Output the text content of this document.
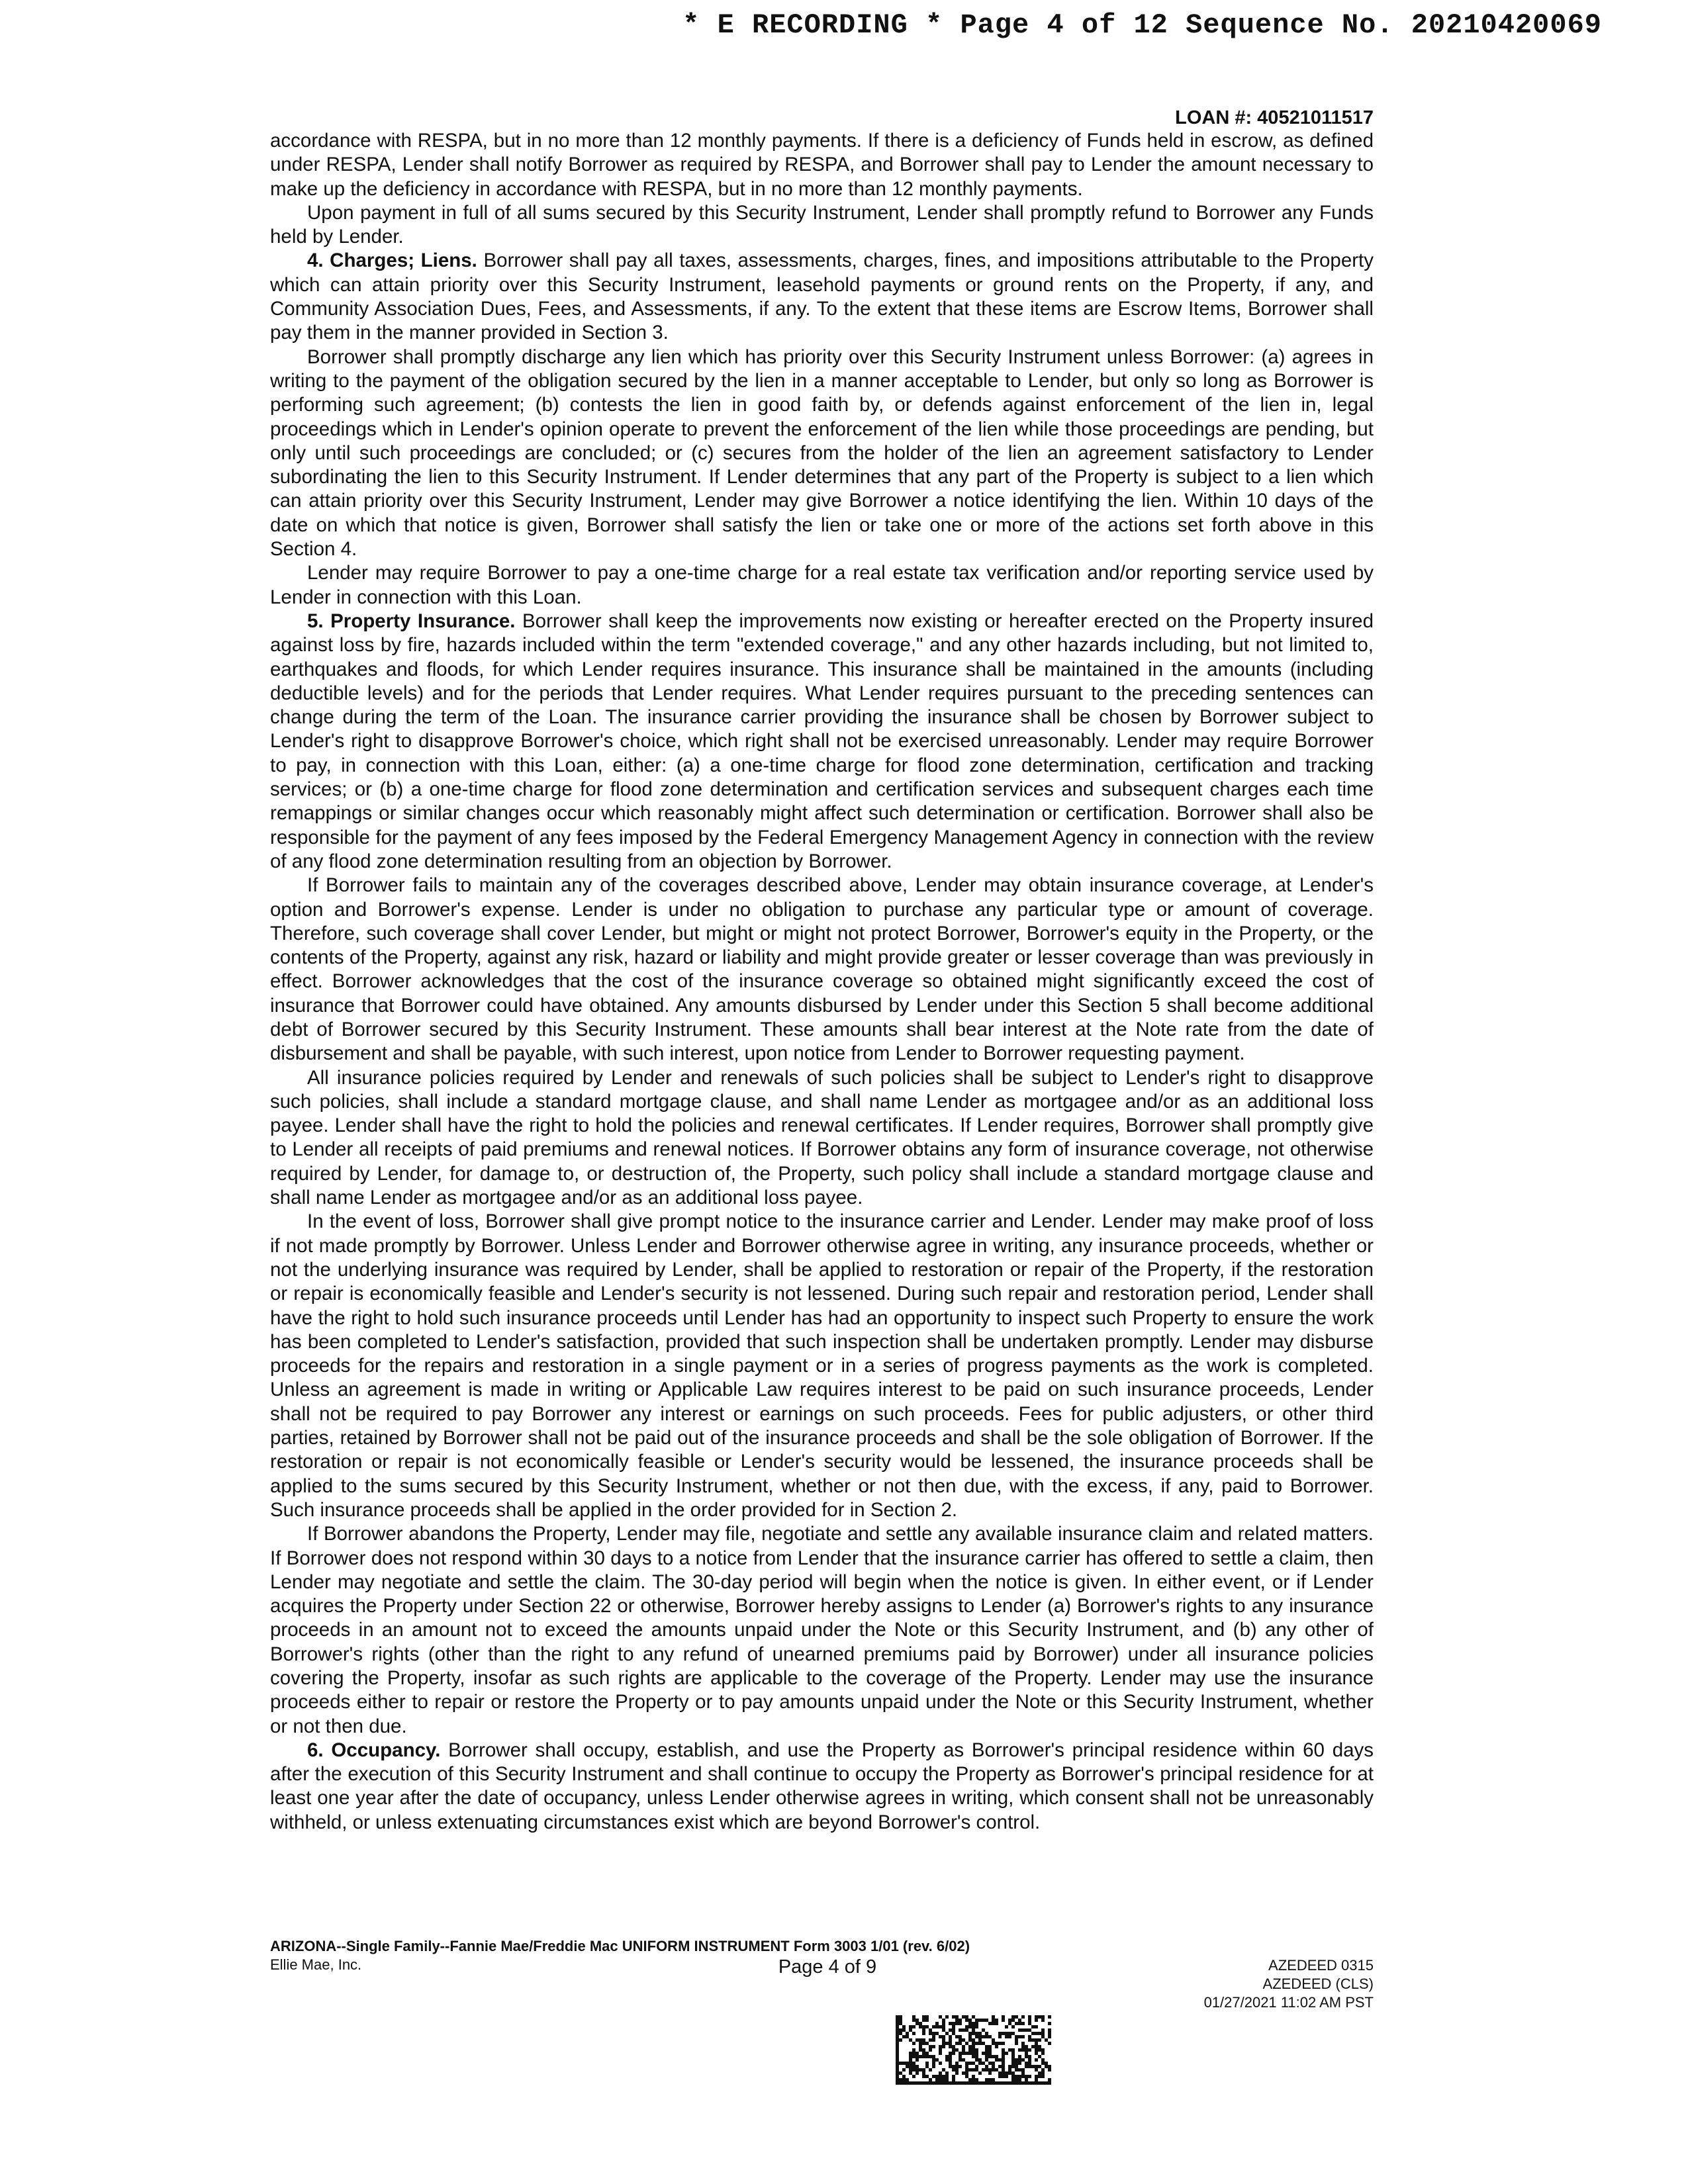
* E RECORDING * Page 4 of 12 Sequence No. 20210420069
LOAN #: 40521011517

accordance with RESPA, but in no more than 12 monthly payments. If there is a deficiency of Funds held in escrow, as defined under RESPA, Lender shall notify Borrower as required by RESPA, and Borrower shall pay to Lender the amount necessary to make up the deficiency in accordance with RESPA, but in no more than 12 monthly payments.

Upon payment in full of all sums secured by this Security Instrument, Lender shall promptly refund to Borrower any Funds held by Lender.

4. Charges; Liens. Borrower shall pay all taxes, assessments, charges, fines, and impositions attributable to the Property which can attain priority over this Security Instrument, leasehold payments or ground rents on the Property, if any, and Community Association Dues, Fees, and Assessments, if any. To the extent that these items are Escrow Items, Borrower shall pay them in the manner provided in Section 3.

Borrower shall promptly discharge any lien which has priority over this Security Instrument unless Borrower: (a) agrees in writing to the payment of the obligation secured by the lien in a manner acceptable to Lender, but only so long as Borrower is performing such agreement; (b) contests the lien in good faith by, or defends against enforcement of the lien in, legal proceedings which in Lender's opinion operate to prevent the enforcement of the lien while those proceedings are pending, but only until such proceedings are concluded; or (c) secures from the holder of the lien an agreement satisfactory to Lender subordinating the lien to this Security Instrument. If Lender determines that any part of the Property is subject to a lien which can attain priority over this Security Instrument, Lender may give Borrower a notice identifying the lien. Within 10 days of the date on which that notice is given, Borrower shall satisfy the lien or take one or more of the actions set forth above in this Section 4.

Lender may require Borrower to pay a one-time charge for a real estate tax verification and/or reporting service used by Lender in connection with this Loan.

5. Property Insurance. Borrower shall keep the improvements now existing or hereafter erected on the Property insured against loss by fire, hazards included within the term "extended coverage," and any other hazards including, but not limited to, earthquakes and floods, for which Lender requires insurance. This insurance shall be maintained in the amounts (including deductible levels) and for the periods that Lender requires. What Lender requires pursuant to the preceding sentences can change during the term of the Loan. The insurance carrier providing the insurance shall be chosen by Borrower subject to Lender's right to disapprove Borrower's choice, which right shall not be exercised unreasonably. Lender may require Borrower to pay, in connection with this Loan, either: (a) a one-time charge for flood zone determination, certification and tracking services; or (b) a one-time charge for flood zone determination and certification services and subsequent charges each time remappings or similar changes occur which reasonably might affect such determination or certification. Borrower shall also be responsible for the payment of any fees imposed by the Federal Emergency Management Agency in connection with the review of any flood zone determination resulting from an objection by Borrower.

If Borrower fails to maintain any of the coverages described above, Lender may obtain insurance coverage, at Lender's option and Borrower's expense. Lender is under no obligation to purchase any particular type or amount of coverage. Therefore, such coverage shall cover Lender, but might or might not protect Borrower, Borrower's equity in the Property, or the contents of the Property, against any risk, hazard or liability and might provide greater or lesser coverage than was previously in effect. Borrower acknowledges that the cost of the insurance coverage so obtained might significantly exceed the cost of insurance that Borrower could have obtained. Any amounts disbursed by Lender under this Section 5 shall become additional debt of Borrower secured by this Security Instrument. These amounts shall bear interest at the Note rate from the date of disbursement and shall be payable, with such interest, upon notice from Lender to Borrower requesting payment.

All insurance policies required by Lender and renewals of such policies shall be subject to Lender's right to disapprove such policies, shall include a standard mortgage clause, and shall name Lender as mortgagee and/or as an additional loss payee. Lender shall have the right to hold the policies and renewal certificates. If Lender requires, Borrower shall promptly give to Lender all receipts of paid premiums and renewal notices. If Borrower obtains any form of insurance coverage, not otherwise required by Lender, for damage to, or destruction of, the Property, such policy shall include a standard mortgage clause and shall name Lender as mortgagee and/or as an additional loss payee.

In the event of loss, Borrower shall give prompt notice to the insurance carrier and Lender. Lender may make proof of loss if not made promptly by Borrower. Unless Lender and Borrower otherwise agree in writing, any insurance proceeds, whether or not the underlying insurance was required by Lender, shall be applied to restoration or repair of the Property, if the restoration or repair is economically feasible and Lender's security is not lessened. During such repair and restoration period, Lender shall have the right to hold such insurance proceeds until Lender has had an opportunity to inspect such Property to ensure the work has been completed to Lender's satisfaction, provided that such inspection shall be undertaken promptly. Lender may disburse proceeds for the repairs and restoration in a single payment or in a series of progress payments as the work is completed. Unless an agreement is made in writing or Applicable Law requires interest to be paid on such insurance proceeds, Lender shall not be required to pay Borrower any interest or earnings on such proceeds. Fees for public adjusters, or other third parties, retained by Borrower shall not be paid out of the insurance proceeds and shall be the sole obligation of Borrower. If the restoration or repair is not economically feasible or Lender's security would be lessened, the insurance proceeds shall be applied to the sums secured by this Security Instrument, whether or not then due, with the excess, if any, paid to Borrower. Such insurance proceeds shall be applied in the order provided for in Section 2.

If Borrower abandons the Property, Lender may file, negotiate and settle any available insurance claim and related matters. If Borrower does not respond within 30 days to a notice from Lender that the insurance carrier has offered to settle a claim, then Lender may negotiate and settle the claim. The 30-day period will begin when the notice is given. In either event, or if Lender acquires the Property under Section 22 or otherwise, Borrower hereby assigns to Lender (a) Borrower's rights to any insurance proceeds in an amount not to exceed the amounts unpaid under the Note or this Security Instrument, and (b) any other of Borrower's rights (other than the right to any refund of unearned premiums paid by Borrower) under all insurance policies covering the Property, insofar as such rights are applicable to the coverage of the Property. Lender may use the insurance proceeds either to repair or restore the Property or to pay amounts unpaid under the Note or this Security Instrument, whether or not then due.

6. Occupancy. Borrower shall occupy, establish, and use the Property as Borrower's principal residence within 60 days after the execution of this Security Instrument and shall continue to occupy the Property as Borrower's principal residence for at least one year after the date of occupancy, unless Lender otherwise agrees in writing, which consent shall not be unreasonably withheld, or unless extenuating circumstances exist which are beyond Borrower's control.

ARIZONA--Single Family--Fannie Mae/Freddie Mac UNIFORM INSTRUMENT Form 3003 1/01 (rev. 6/02)
Ellie Mae, Inc.	Page 4 of 9	AZEDEED 0315
AZEDEED (CLS)
01/27/2021 11:02 AM PST
